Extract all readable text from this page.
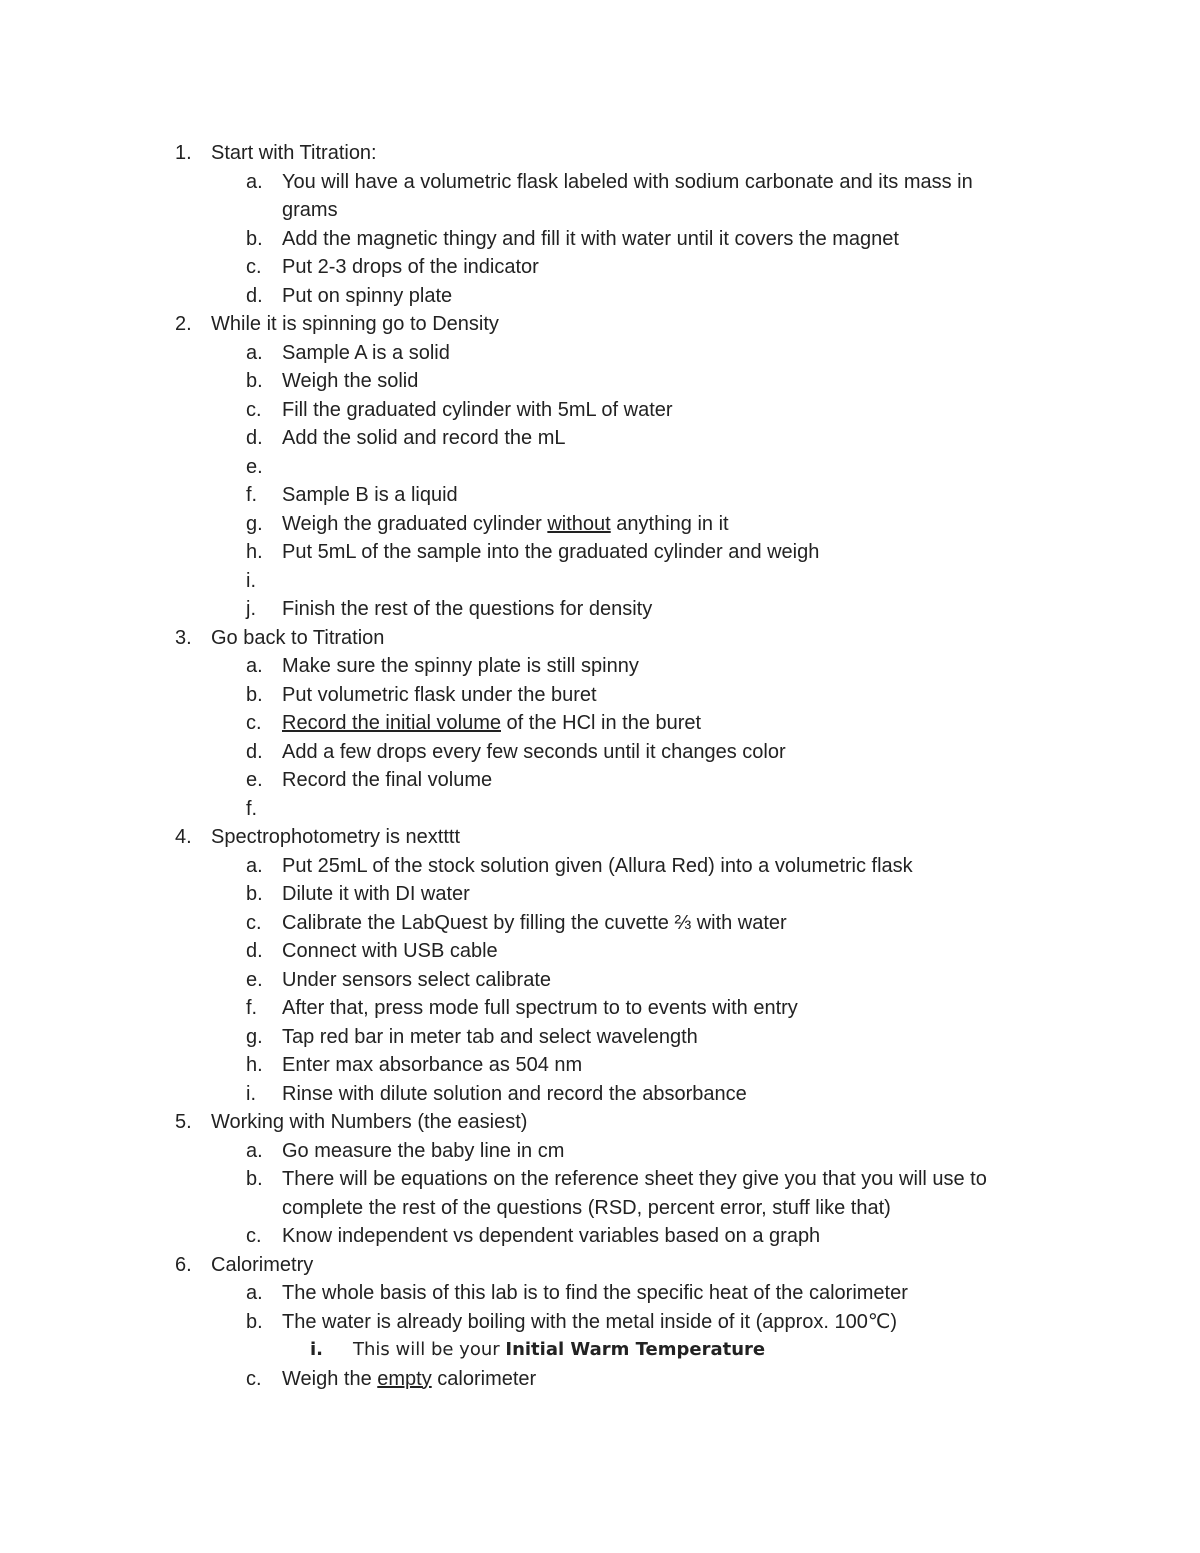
1. Start with Titration:
a. You will have a volumetric flask labeled with sodium carbonate and its mass in
grams
b. Add the magnetic thingy and fill it with water until it covers the magnet
c. Put 2-3 drops of the indicator
d. Put on spinny plate
2. While it is spinning go to Density
a. Sample A is a solid
b. Weigh the solid
c. Fill the graduated cylinder with 5mL of water
d. Add the solid and record the mL
e.
f. Sample B is a liquid
g. Weigh the graduated cylinder without anything in it
h. Put 5mL of the sample into the graduated cylinder and weigh
i.
j. Finish the rest of the questions for density
3. Go back to Titration
a. Make sure the spinny plate is still spinny
b. Put volumetric flask under the buret
c. Record the initial volume of the HCl in the buret
d. Add a few drops every few seconds until it changes color
e. Record the final volume
f.
4. Spectrophotometry is nextttt
a. Put 25mL of the stock solution given (Allura Red) into a volumetric flask
b. Dilute it with DI water
c. Calibrate the LabQuest by filling the cuvette ⅔ with water
d. Connect with USB cable
e. Under sensors select calibrate
f. After that, press mode full spectrum to to events with entry
g. Tap red bar in meter tab and select wavelength
h. Enter max absorbance as 504 nm
i. Rinse with dilute solution and record the absorbance
5. Working with Numbers (the easiest)
a. Go measure the baby line in cm
b. There will be equations on the reference sheet they give you that you will use to
complete the rest of the questions (RSD, percent error, stuff like that)
c. Know independent vs dependent variables based on a graph
6. Calorimetry
a. The whole basis of this lab is to find the specific heat of the calorimeter
b. The water is already boiling with the metal inside of it (approx. 100℃)
i. This will be your Initial Warm Temperature
c. Weigh the empty calorimeter
